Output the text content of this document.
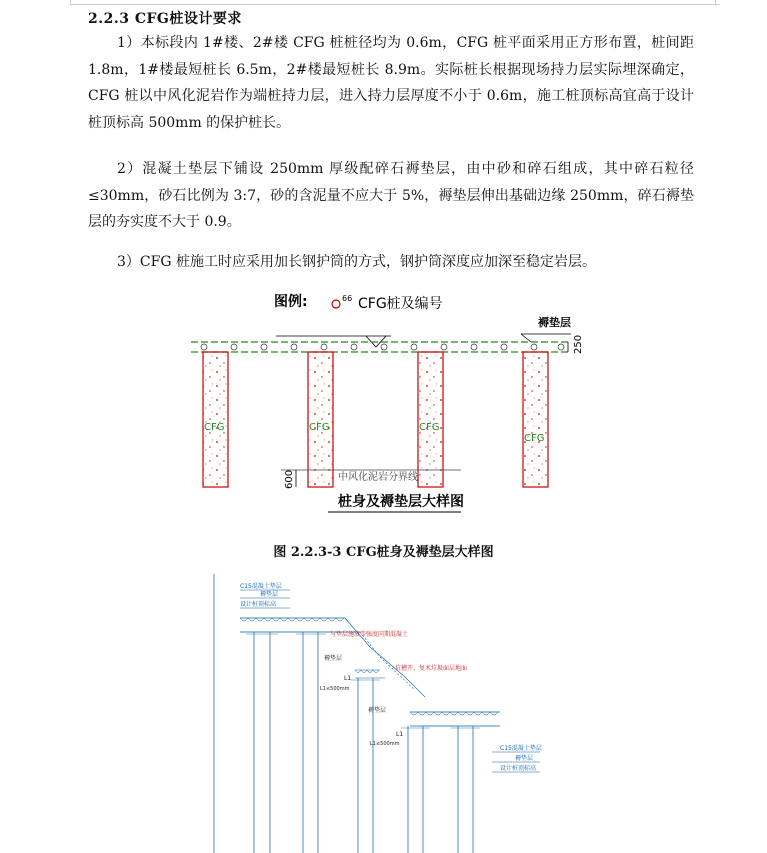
2.2.3 CFG桩设计要求
1）本标段内 1#楼、2#楼 CFG 桩桩径均为 0.6m，CFG 桩平面采用正方形布置，桩间距 1.8m，1#楼最短桩长 6.5m，2#楼最短桩长 8.9m。实际桩长根据现场持力层实际埋深确定，CFG 桩以中风化泥岩作为端桩持力层，进入持力层厚度不小于 0.6m，施工桩顶标高宜高于设计桩顶标高 500mm 的保护桩长。
2）混凝土垫层下铺设 250mm 厚级配碎石褥垫层，由中砂和碎石组成，其中碎石粒径≤30mm，砂石比例为 3:7，砂的含泥量不应大于 5%，褥垫层伸出基础边缘 250mm，碎石褥垫层的夯实度不大于 0.9。
3）CFG 桩施工时应采用加长钢护筒的方式，钢护筒深度应加深至稳定岩层。
图例:	66 CFG桩及编号
褥垫层
250
CFG	CFG	CFG
CFG
中风化泥岩分界线
600
桩身及褥垫层大样图
图 2.2.3-3 CFG桩身及褥垫层大样图
C15混凝土垫层
褥垫层
设计桩顶标高
与垫层施放等强度同期混凝土
褥垫层
坑槽开、复术垃圾面层地面
L1
L1≤500mm
褥垫层
L1
L1≤500mm
C15混凝土垫层
褥垫层
设计桩顶标高
